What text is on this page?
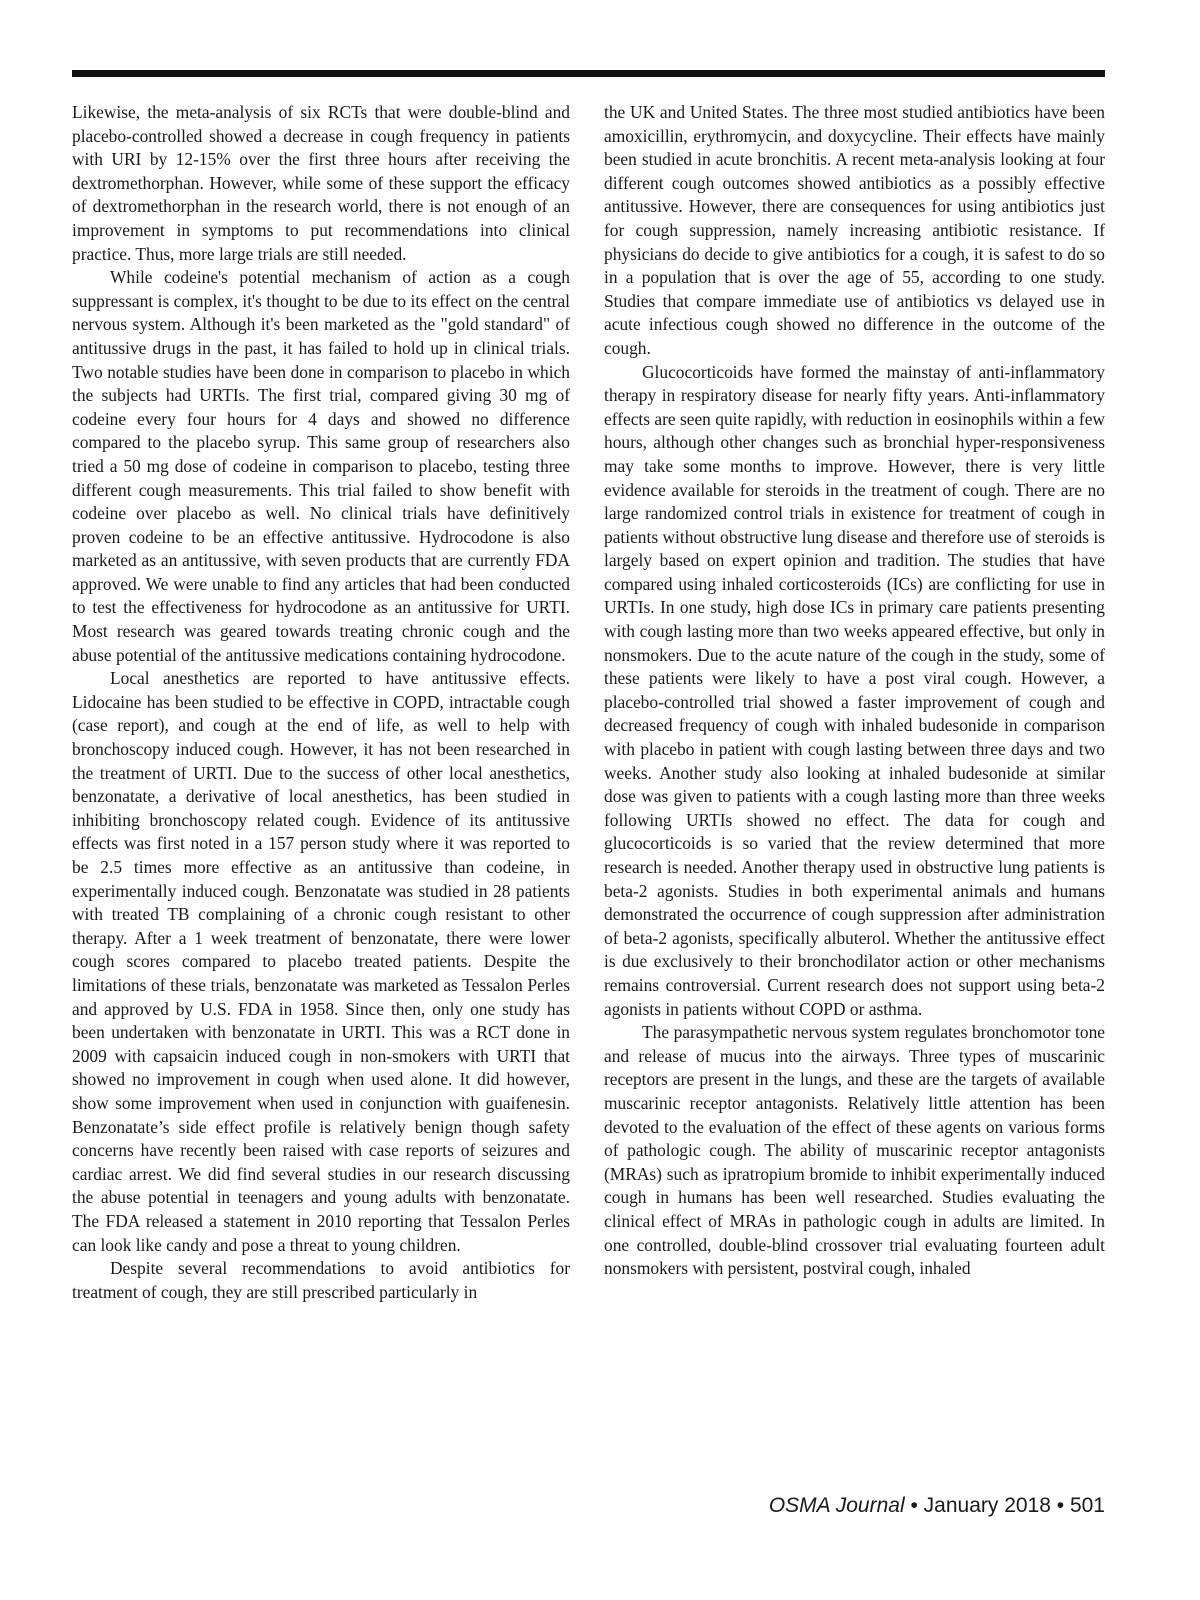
Likewise, the meta-analysis of six RCTs that were double-blind and placebo-controlled showed a decrease in cough frequency in patients with URI by 12-15% over the first three hours after receiving the dextromethorphan. However, while some of these support the efficacy of dextromethorphan in the research world, there is not enough of an improvement in symptoms to put recommendations into clinical practice. Thus, more large trials are still needed.

While codeine's potential mechanism of action as a cough suppressant is complex, it's thought to be due to its effect on the central nervous system. Although it's been marketed as the "gold standard" of antitussive drugs in the past, it has failed to hold up in clinical trials. Two notable studies have been done in comparison to placebo in which the subjects had URTIs. The first trial, compared giving 30 mg of codeine every four hours for 4 days and showed no difference compared to the placebo syrup. This same group of researchers also tried a 50 mg dose of codeine in comparison to placebo, testing three different cough measurements. This trial failed to show benefit with codeine over placebo as well. No clinical trials have definitively proven codeine to be an effective antitussive. Hydrocodone is also marketed as an antitussive, with seven products that are currently FDA approved. We were unable to find any articles that had been conducted to test the effectiveness for hydrocodone as an antitussive for URTI. Most research was geared towards treating chronic cough and the abuse potential of the antitussive medications containing hydrocodone.

Local anesthetics are reported to have antitussive effects. Lidocaine has been studied to be effective in COPD, intractable cough (case report), and cough at the end of life, as well to help with bronchoscopy induced cough. However, it has not been researched in the treatment of URTI. Due to the success of other local anesthetics, benzonatate, a derivative of local anesthetics, has been studied in inhibiting bronchoscopy related cough. Evidence of its antitussive effects was first noted in a 157 person study where it was reported to be 2.5 times more effective as an antitussive than codeine, in experimentally induced cough. Benzonatate was studied in 28 patients with treated TB complaining of a chronic cough resistant to other therapy. After a 1 week treatment of benzonatate, there were lower cough scores compared to placebo treated patients. Despite the limitations of these trials, benzonatate was marketed as Tessalon Perles and approved by U.S. FDA in 1958. Since then, only one study has been undertaken with benzonatate in URTI. This was a RCT done in 2009 with capsaicin induced cough in non-smokers with URTI that showed no improvement in cough when used alone. It did however, show some improvement when used in conjunction with guaifenesin. Benzonatate’s side effect profile is relatively benign though safety concerns have recently been raised with case reports of seizures and cardiac arrest. We did find several studies in our research discussing the abuse potential in teenagers and young adults with benzonatate. The FDA released a statement in 2010 reporting that Tessalon Perles can look like candy and pose a threat to young children.

Despite several recommendations to avoid antibiotics for treatment of cough, they are still prescribed particularly in

the UK and United States. The three most studied antibiotics have been amoxicillin, erythromycin, and doxycycline. Their effects have mainly been studied in acute bronchitis. A recent meta-analysis looking at four different cough outcomes showed antibiotics as a possibly effective antitussive. However, there are consequences for using antibiotics just for cough suppression, namely increasing antibiotic resistance. If physicians do decide to give antibiotics for a cough, it is safest to do so in a population that is over the age of 55, according to one study. Studies that compare immediate use of antibiotics vs delayed use in acute infectious cough showed no difference in the outcome of the cough.

Glucocorticoids have formed the mainstay of anti-inflammatory therapy in respiratory disease for nearly fifty years. Anti-inflammatory effects are seen quite rapidly, with reduction in eosinophils within a few hours, although other changes such as bronchial hyper-responsiveness may take some months to improve. However, there is very little evidence available for steroids in the treatment of cough. There are no large randomized control trials in existence for treatment of cough in patients without obstructive lung disease and therefore use of steroids is largely based on expert opinion and tradition. The studies that have compared using inhaled corticosteroids (ICs) are conflicting for use in URTIs. In one study, high dose ICs in primary care patients presenting with cough lasting more than two weeks appeared effective, but only in nonsmokers. Due to the acute nature of the cough in the study, some of these patients were likely to have a post viral cough. However, a placebo-controlled trial showed a faster improvement of cough and decreased frequency of cough with inhaled budesonide in comparison with placebo in patient with cough lasting between three days and two weeks. Another study also looking at inhaled budesonide at similar dose was given to patients with a cough lasting more than three weeks following URTIs showed no effect. The data for cough and glucocorticoids is so varied that the review determined that more research is needed. Another therapy used in obstructive lung patients is beta-2 agonists. Studies in both experimental animals and humans demonstrated the occurrence of cough suppression after administration of beta-2 agonists, specifically albuterol. Whether the antitussive effect is due exclusively to their bronchodilator action or other mechanisms remains controversial. Current research does not support using beta-2 agonists in patients without COPD or asthma.

The parasympathetic nervous system regulates bronchomotor tone and release of mucus into the airways. Three types of muscarinic receptors are present in the lungs, and these are the targets of available muscarinic receptor antagonists. Relatively little attention has been devoted to the evaluation of the effect of these agents on various forms of pathologic cough. The ability of muscarinic receptor antagonists (MRAs) such as ipratropium bromide to inhibit experimentally induced cough in humans has been well researched. Studies evaluating the clinical effect of MRAs in pathologic cough in adults are limited. In one controlled, double-blind crossover trial evaluating fourteen adult nonsmokers with persistent, postviral cough, inhaled

OSMA Journal • January 2018 • 501
